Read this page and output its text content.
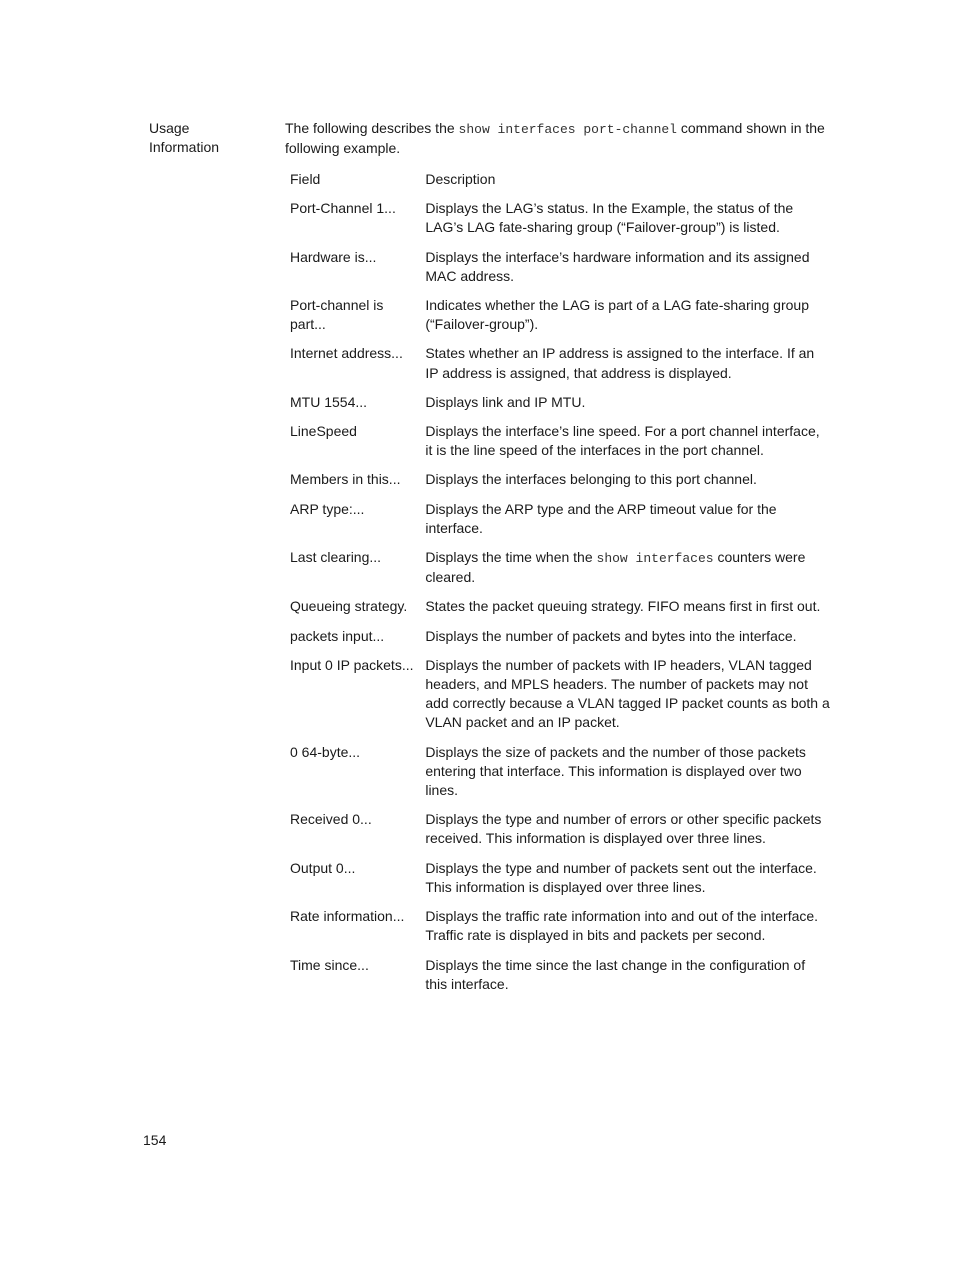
Usage
Information

The following describes the show interfaces port-channel command shown in the following example.

Field	Description
Port-Channel 1...	Displays the LAG’s status. In the Example, the status of the LAG’s LAG fate-sharing group (“Failover-group”) is listed.
Hardware is...	Displays the interface’s hardware information and its assigned MAC address.
Port-channel is part...	Indicates whether the LAG is part of a LAG fate-sharing group (“Failover-group”).
Internet address...	States whether an IP address is assigned to the interface. If an IP address is assigned, that address is displayed.
MTU 1554...	Displays link and IP MTU.
LineSpeed	Displays the interface’s line speed. For a port channel interface, it is the line speed of the interfaces in the port channel.
Members in this...	Displays the interfaces belonging to this port channel.
ARP type:...	Displays the ARP type and the ARP timeout value for the interface.
Last clearing...	Displays the time when the show interfaces counters were cleared.
Queueing strategy.	States the packet queuing strategy. FIFO means first in first out.
packets input...	Displays the number of packets and bytes into the interface.
Input 0 IP packets...	Displays the number of packets with IP headers, VLAN tagged headers, and MPLS headers. The number of packets may not add correctly because a VLAN tagged IP packet counts as both a VLAN packet and an IP packet.
0 64-byte...	Displays the size of packets and the number of those packets entering that interface. This information is displayed over two lines.
Received 0...	Displays the type and number of errors or other specific packets received. This information is displayed over three lines.
Output 0...	Displays the type and number of packets sent out the interface. This information is displayed over three lines.
Rate information...	Displays the traffic rate information into and out of the interface. Traffic rate is displayed in bits and packets per second.
Time since...	Displays the time since the last change in the configuration of this interface.

154
